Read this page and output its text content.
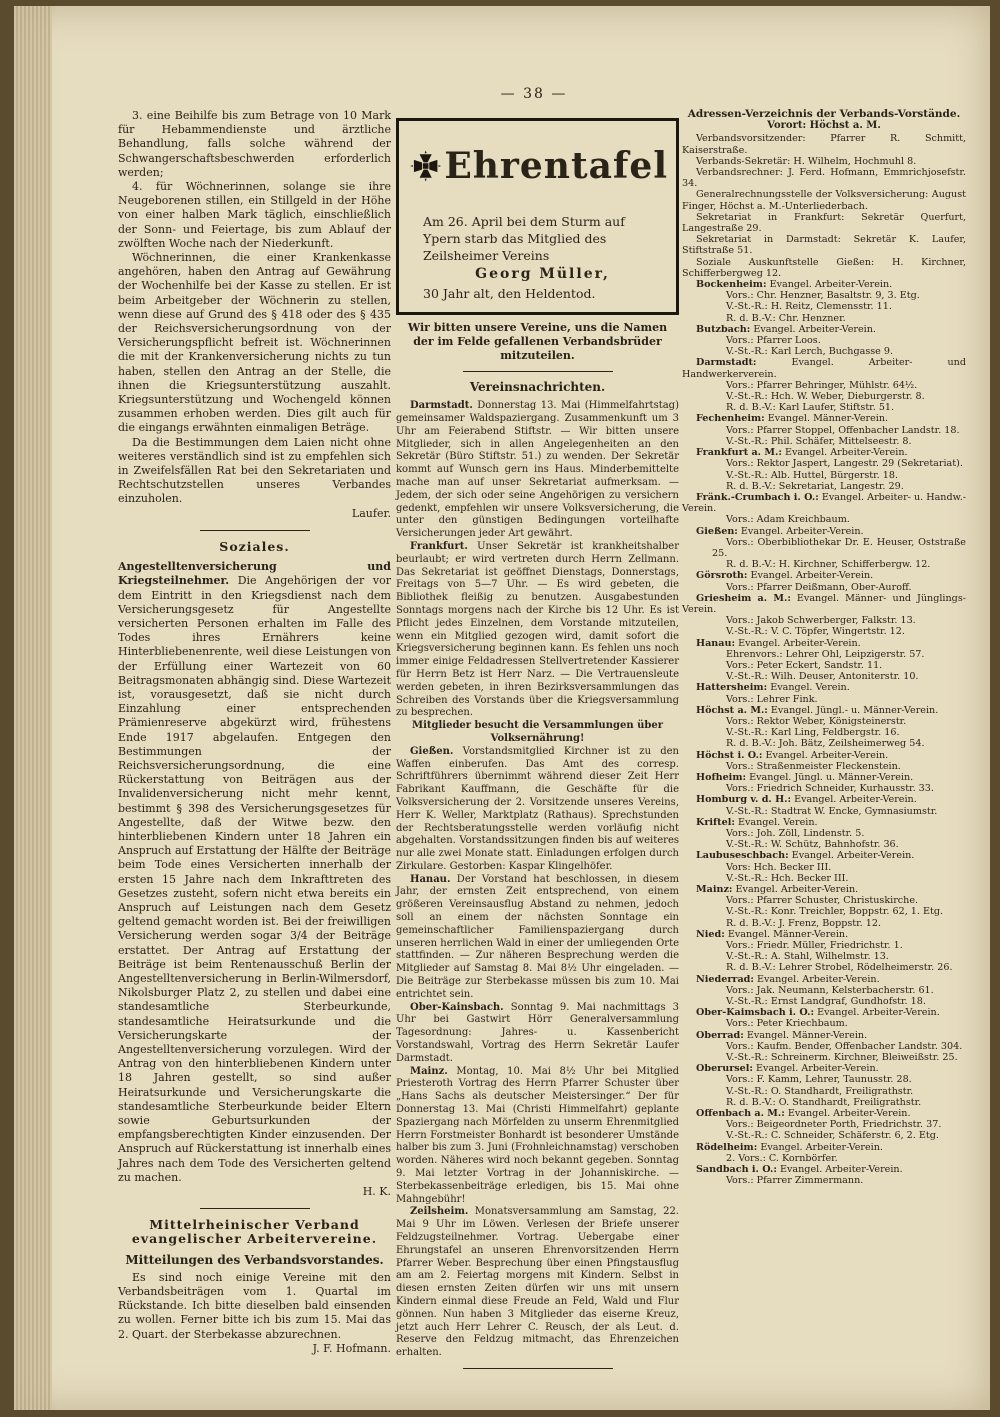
— 38 —

3. eine Beihilfe bis zum Betrage von 10 Mark für Hebammendienste und ärztliche Behandlung, falls solche während der Schwangerschaftsbeschwerden erforderlich werden;

4. für Wöchnerinnen, solange sie ihre Neugeborenen stillen, ein Stillgeld in der Höhe von einer halben Mark täglich, einschließlich der Sonn- und Feiertage, bis zum Ablauf der zwölften Woche nach der Niederkunft.

Wöchnerinnen, die einer Krankenkasse angehören, haben den Antrag auf Gewährung der Wochenhilfe bei der Kasse zu stellen. Er ist beim Arbeitgeber der Wöchnerin zu stellen, wenn diese auf Grund des § 418 oder des § 435 der Reichsversicherungsordnung von der Versicherungspflicht befreit ist. Wöchnerinnen die mit der Krankenversicherung nichts zu tun haben, stellen den Antrag an der Stelle, die ihnen die Kriegsunterstützung auszahlt. Kriegsunterstützung und Wochengeld können zusammen erhoben werden. Dies gilt auch für die eingangs erwähnten einmaligen Beträge.

Da die Bestimmungen dem Laien nicht ohne weiteres verständlich sind ist zu empfehlen sich in Zweifelsfällen Rat bei den Sekretariaten und Rechtschutzstellen unseres Verbandes einzuholen.

Laufer.

Soziales.

Angestelltenversicherung und Kriegsteilnehmer. Die Angehörigen der vor dem Eintritt in den Kriegsdienst nach dem Versicherungsgesetz für Angestellte versicherten Personen erhalten im Falle des Todes ihres Ernährers keine Hinterbliebenenrente, weil diese Leistungen von der Erfüllung einer Wartezeit von 60 Beitragsmonaten abhängig sind. Diese Wartezeit ist, vorausgesetzt, daß sie nicht durch Einzahlung einer entsprechenden Prämienreserve abgekürzt wird, frühestens Ende 1917 abgelaufen. Entgegen den Bestimmungen der Reichsversicherungsordnung, die eine Rückerstattung von Beiträgen aus der Invalidenversicherung nicht mehr kennt, bestimmt § 398 des Versicherungsgesetzes für Angestellte, daß der Witwe bezw. den hinterbliebenen Kindern unter 18 Jahren ein Anspruch auf Erstattung der Hälfte der Beiträge beim Tode eines Versicherten innerhalb der ersten 15 Jahre nach dem Inkrafttreten des Gesetzes zusteht, sofern nicht etwa bereits ein Anspruch auf Leistungen nach dem Gesetz geltend gemacht worden ist. Bei der freiwilligen Versicherung werden sogar 3/4 der Beiträge erstattet. Der Antrag auf Erstattung der Beiträge ist beim Rentenausschuß Berlin der Angestelltenversicherung in Berlin-Wilmersdorf, Nikolsburger Platz 2, zu stellen und dabei eine standesamtliche Sterbeurkunde, standesamtliche Heiratsurkunde und die Versicherungskarte der Angestelltenversicherung vorzulegen. Wird der Antrag von den hinterbliebenen Kindern unter 18 Jahren gestellt, so sind außer Heiratsurkunde und Versicherungskarte die standesamtliche Sterbeurkunde beider Eltern sowie Geburtsurkunden der empfangsberechtigten Kinder einzusenden. Der Anspruch auf Rückerstattung ist innerhalb eines Jahres nach dem Tode des Versicherten geltend zu machen.

H. K.

Mittelrheinischer Verband evangelischer Arbeitervereine.
Mitteilungen des Verbandsvorstandes.

Es sind noch einige Vereine mit den Verbandsbeiträgen vom 1. Quartal im Rückstande. Ich bitte dieselben bald einsenden zu wollen. Ferner bitte ich bis zum 15. Mai das 2. Quart. der Sterbekasse abzurechnen.

J. F. Hofmann.

Ehrentafel
Am 26. April bei dem Sturm auf Ypern starb das Mitglied des Zeilsheimer Vereins
Georg Müller,
30 Jahr alt, den Heldentod.
Wir bitten unsere Vereine, uns die Namen der im Felde gefallenen Verbandsbrüder mitzuteilen.
Vereinsnachrichten.

Darmstadt. Donnerstag 13. Mai (Himmelfahrtstag) gemeinsamer Waldspaziergang. Zusammenkunft um 3 Uhr am Feierabend Stiftstr. — Wir bitten unsere Mitglieder, sich in allen Angelegenheiten an den Sekretär (Büro Stiftstr. 51.) zu wenden. Der Sekretär kommt auf Wunsch gern ins Haus. Minderbemittelte mache man auf unser Sekretariat aufmerksam. — Jedem, der sich oder seine Angehörigen zu versichern gedenkt, empfehlen wir unsere Volksversicherung, die unter den günstigen Bedingungen vorteilhafte Versicherungen jeder Art gewährt.

Frankfurt. Unser Sekretär ist krankheitshalber beurlaubt; er wird vertreten durch Herrn Zellmann. Das Sekretariat ist geöffnet Dienstags, Donnerstags, Freitags von 5—7 Uhr. — Es wird gebeten, die Bibliothek fleißig zu benutzen. Ausgabestunden Sonntags morgens nach der Kirche bis 12 Uhr. Es ist Pflicht jedes Einzelnen, dem Vorstande mitzuteilen, wenn ein Mitglied gezogen wird, damit sofort die Kriegsversicherung beginnen kann. Es fehlen uns noch immer einige Feldadressen Stellvertretender Kassierer für Herrn Betz ist Herr Narz. — Die Vertrauensleute werden gebeten, in ihren Bezirksversammlungen das Schreiben des Vorstands über die Kriegsversammlung zu besprechen.

Mitglieder besucht die Versammlungen über Volksernährung!

Gießen. Vorstandsmitglied Kirchner ist zu den Waffen einberufen. Das Amt des corresp. Schriftführers übernimmt während dieser Zeit Herr Fabrikant Kauffmann, die Geschäfte für die Volksversicherung der 2. Vorsitzende unseres Vereins, Herr K. Weller, Marktplatz (Rathaus). Sprechstunden der Rechtsberatungsstelle werden vorläufig nicht abgehalten. Vorstandssitzungen finden bis auf weiteres nur alle zwei Monate statt. Einladungen erfolgen durch Zirkulare. Gestorben: Kaspar Klingelhöfer.

Hanau. Der Vorstand hat beschlossen, in diesem Jahr, der ernsten Zeit entsprechend, von einem größeren Vereinsausflug Abstand zu nehmen, jedoch soll an einem der nächsten Sonntage ein gemeinschaftlicher Familienspaziergang durch unseren herrlichen Wald in einer der umliegenden Orte stattfinden. — Zur näheren Besprechung werden die Mitglieder auf Samstag 8. Mai 8½ Uhr eingeladen. — Die Beiträge zur Sterbekasse müssen bis zum 10. Mai entrichtet sein.

Ober-Kainsbach. Sonntag 9. Mai nachmittags 3 Uhr bei Gastwirt Hörr Generalversammlung Tagesordnung: Jahres- u. Kassenbericht Vorstandswahl, Vortrag des Herrn Sekretär Laufer Darmstadt.

Mainz. Montag, 10. Mai 8½ Uhr bei Mitglied Priesteroth Vortrag des Herrn Pfarrer Schuster über „Hans Sachs als deutscher Meistersinger.“ Der für Donnerstag 13. Mai (Christi Himmelfahrt) geplante Spaziergang nach Mörfelden zu unserm Ehrenmitglied Herrn Forstmeister Bonhardt ist besonderer Umstände halber bis zum 3. Juni (Frohnleichnamstag) verschoben worden. Näheres wird noch bekannt gegeben. Sonntag 9. Mai letzter Vortrag in der Johanniskirche. — Sterbekassenbeiträge erledigen, bis 15. Mai ohne Mahngebühr!

Zeilsheim. Monatsversammlung am Samstag, 22. Mai 9 Uhr im Löwen. Verlesen der Briefe unserer Feldzugsteilnehmer. Vortrag. Uebergabe einer Ehrungstafel an unseren Ehrenvorsitzenden Herrn Pfarrer Weber. Besprechung über einen Pfingstausflug am am 2. Feiertag morgens mit Kindern. Selbst in diesen ernsten Zeiten dürfen wir uns mit unsern Kindern einmal diese Freude an Feld, Wald und Flur gönnen. Nun haben 3 Mitglieder das eiserne Kreuz, jetzt auch Herr Lehrer C. Reusch, der als Leut. d. Reserve den Feldzug mitmacht, das Ehrenzeichen erhalten.

Adressen-Verzeichnis der Verbands-Vorstände.
Vorort: Höchst a. M.

Verbandsvorsitzender: Pfarrer R. Schmitt, Kaiserstraße.

Verbands-Sekretär: H. Wilhelm, Hochmuhl 8.

Verbandsrechner: J. Ferd. Hofmann, Emmrichjosefstr. 34.

Generalrechnungsstelle der Volksversicherung: August Finger, Höchst a. M.-Unterliederbach.

Sekretariat in Frankfurt: Sekretär Querfurt, Langestraße 29.

Sekretariat in Darmstadt: Sekretär K. Laufer, Stiftstraße 51.

Soziale Auskunftstelle Gießen: H. Kirchner, Schifferbergweg 12.

Bockenheim: Evangel. Arbeiter-Verein.

Vors.: Chr. Henzner, Basaltstr. 9, 3. Etg.

V.-St.-R.: H. Reitz, Clemensstr. 11.

R. d. B.-V.: Chr. Henzner.

Butzbach: Evangel. Arbeiter-Verein.

Vors.: Pfarrer Loos.

V.-St.-R.: Karl Lerch, Buchgasse 9.

Darmstadt:	Evangel. Arbeiter- und Handwerkerverein.

Vors.: Pfarrer Behringer, Mühlstr. 64½.

V.-St.-R.: Hch. W. Weber, Dieburgerstr. 8.

R. d. B.-V.: Karl Laufer, Stiftstr. 51.

Fechenheim: Evangel. Männer-Verein.

Vors.: Pfarrer Stoppel, Offenbacher Landstr. 18.

V.-St.-R.: Phil. Schäfer, Mittelseestr. 8.

Frankfurt a. M.: Evangel. Arbeiter-Verein.

Vors.: Rektor Jaspert, Langestr. 29 (Sekretariat).

V.-St.-R.: Alb. Huttel, Bürgerstr. 18.

R. d. B.-V.: Sekretariat, Langestr. 29.

Fränk.-Crumbach i. O.: Evangel. Arbeiter- u. Handw.-Verein.

Vors.: Adam Kreichbaum.

Gießen: Evangel. Arbeiter-Verein.

Vors.: Oberbibliothekar Dr. E. Heuser, Oststraße 25.

R. d. B.-V.: H. Kirchner, Schifferbergw. 12.

Görsroth: Evangel. Arbeiter-Verein.

Vors.: Pfarrer Deißmann, Ober-Auroff.

Griesheim a. M.: Evangel. Männer- und Jünglings-Verein.

Vors.: Jakob Schwerberger, Falkstr. 13.

V.-St.-R.: V. C. Töpfer, Wingertstr. 12.

Hanau: Evangel. Arbeiter-Verein.

Ehrenvors.: Lehrer Ohl, Leipzigerstr. 57.

Vors.: Peter Eckert, Sandstr. 11.

V.-St.-R.: Wilh. Deuser, Antoniterstr. 10.

Hattersheim: Evangel. Verein.

Vors.: Lehrer Fink.

Höchst a. M.: Evangel. Jüngl.- u. Männer-Verein.

Vors.: Rektor Weber, Königsteinerstr.

V.-St.-R.: Karl Ling, Feldbergstr. 16.

R. d. B.-V.: Joh. Bätz, Zeilsheimerweg 54.

Höchst i. O.: Evangel. Arbeiter-Verein.

Vors.: Straßenmeister Fleckenstein.

Hofheim: Evangel. Jüngl. u. Männer-Verein.

Vors.: Friedrich Schneider, Kurhausstr. 33.

Homburg v. d. H.: Evangel. Arbeiter-Verein.

V.-St.-R.: Stadtrat W. Encke, Gymnasiumstr.

Kriftel: Evangel. Verein.

Vors.: Joh. Zöll, Lindenstr. 5.

V.-St.-R.: W. Schütz, Bahnhofstr. 36.

Laubuseschbach: Evangel. Arbeiter-Verein.

Vors: Hch. Becker III.

V.-St.-R.: Hch. Becker III.

Mainz: Evangel. Arbeiter-Verein.

Vors.: Pfarrer Schuster, Christuskirche.

V.-St.-R.: Konr. Treichler, Boppstr. 62, 1. Etg.

R. d. B.-V.: J. Frenz, Boppstr. 12.

Nied: Evangel. Männer-Verein.

Vors.: Friedr. Müller, Friedrichstr. 1.

V.-St.-R.: A. Stahl, Wilhelmstr. 13.

R. d. B.-V.: Lehrer Strobel, Rödelheimerstr. 26.

Niederrad: Evangel. Arbeiter-Verein.

Vors.: Jak. Neumann, Kelsterbacherstr. 61.

V.-St.-R.: Ernst Landgraf, Gundhofstr. 18.

Ober-Kaimsbach i. O.: Evangel. Arbeiter-Verein.

Vors.: Peter Kriechbaum.

Oberrad: Evangel. Männer-Verein.

Vors.: Kaufm. Bender, Offenbacher Landstr. 304.

V.-St.-R.: Schreinerm. Kirchner, Bleiweißstr. 25.

Oberursel: Evangel. Arbeiter-Verein.

Vors.: F. Kamm, Lehrer, Taunusstr. 28.

V.-St.-R.: O. Standhardt, Freiligrathstr.

R. d. B.-V.: O. Standhardt, Freiligrathstr.

Offenbach a. M.: Evangel. Arbeiter-Verein.

Vors.: Beigeordneter Porth, Friedrichstr. 37.

V.-St.-R.: C. Schneider, Schäferstr. 6, 2. Etg.

Rödelheim: Evangel. Arbeiter-Verein.

2. Vors.: C. Kornbörfer.

Sandbach i. O.: Evangel. Arbeiter-Verein.

Vors.: Pfarrer Zimmermann.
